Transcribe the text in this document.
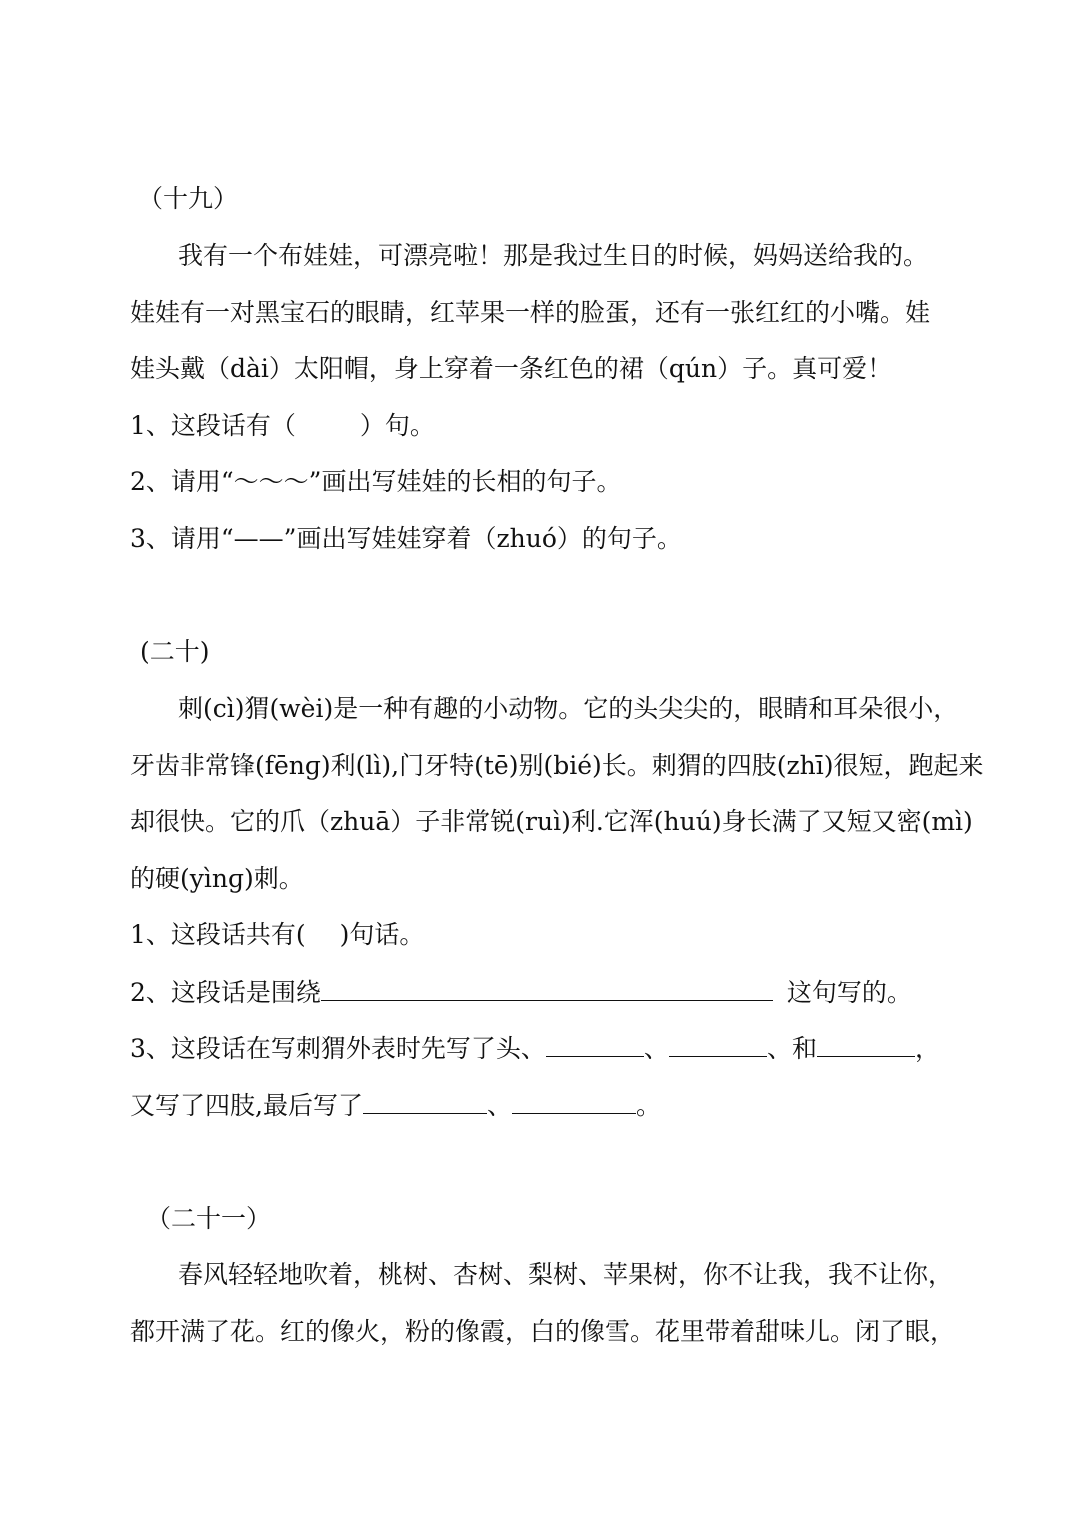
（十九）
我有一个布娃娃，可漂亮啦！那是我过生日的时候，妈妈送给我的。
娃娃有一对黑宝石的眼睛，红苹果一样的脸蛋，还有一张红红的小嘴。娃
娃头戴（dài）太阳帽，身上穿着一条红色的裙（qún）子。真可爱！
1、这段话有（	）句。
2、请用“～～～”画出写娃娃的长相的句子。
3、请用“——”画出写娃娃穿着（zhuó）的句子。
(二十)
刺(cì)猬(wèi)是一种有趣的小动物。它的头尖尖的，眼睛和耳朵很小，
牙齿非常锋(fēnɡ)利(lì),门牙特(tē)别(bié)长。刺猬的四肢(zhī)很短，跑起来
却很快。它的爪（zhuā）子非常锐(ruì)利.它浑(huú)身长满了又短又密(mì)
的硬(yìnɡ)刺。
1、这段话共有( )句话。
2、这段话是围绕	这句写的。
3、这段话在写刺猬外表时先写了头、	、	、和	，
又写了四肢,最后写了	、	。
（二十一）
春风轻轻地吹着，桃树、杏树、梨树、苹果树，你不让我，我不让你，
都开满了花。红的像火，粉的像霞，白的像雪。花里带着甜味儿。闭了眼，
